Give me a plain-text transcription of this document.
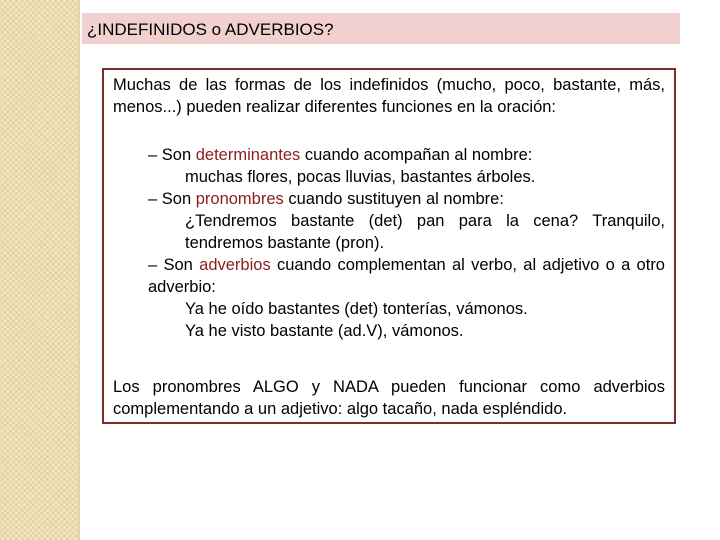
¿INDEFINIDOS o ADVERBIOS?

Muchas de las formas de los indefinidos (mucho, poco, bastante, más, menos...) pueden realizar diferentes funciones en la oración:

– Son determinantes cuando acompañan al nombre:

muchas flores, pocas lluvias, bastantes árboles.

– Son pronombres cuando sustituyen al nombre:

¿Tendremos bastante (det) pan para la cena? Tranquilo, tendremos bastante (pron).

– Son adverbios cuando complementan al verbo, al adjetivo o a otro adverbio:

Ya he oído bastantes (det) tonterías, vámonos.

Ya he visto bastante (ad.V), vámonos.

Los pronombres ALGO y NADA pueden funcionar como adverbios complementando a un adjetivo: algo tacaño, nada espléndido.
